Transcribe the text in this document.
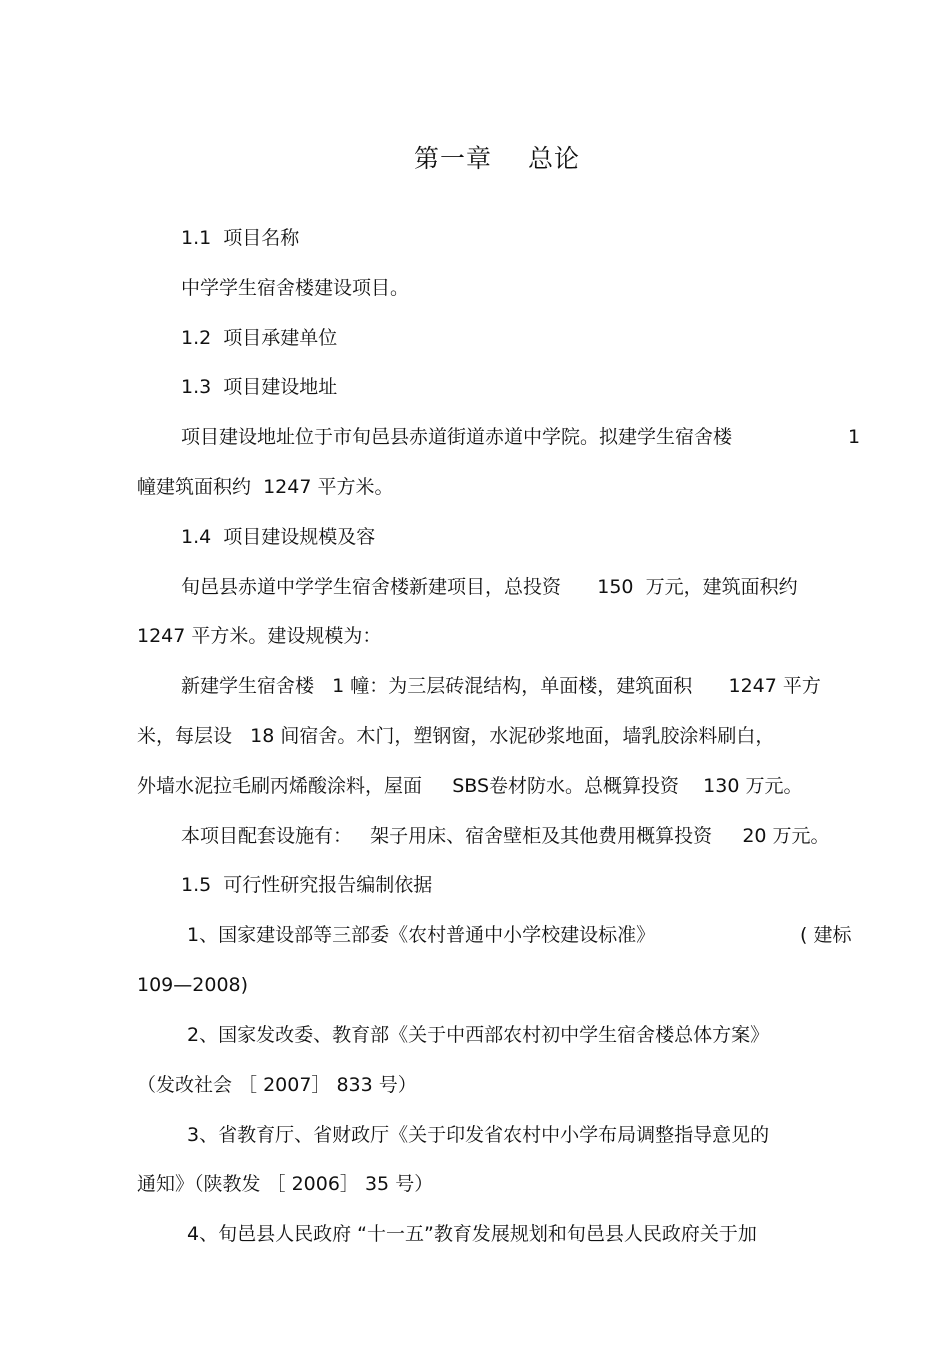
第一章 总论
1.1  项目名称
中学学生宿舍楼建设项目。
1.2  项目承建单位
1.3  项目建设地址
项目建设地址位于市旬邑县赤道街道赤道中学院。拟建学生宿舍楼	1
幢建筑面积约  1247 平方米。
1.4  项目建设规模及容
旬邑县赤道中学学生宿舍楼新建项目，总投资      150  万元，建筑面积约
1247 平方米。建设规模为：
新建学生宿舍楼   1 幢：为三层砖混结构，单面楼，建筑面积      1247 平方
米，每层设   18 间宿舍。木门，塑钢窗，水泥砂浆地面，墙乳胶涂料刷白，
外墙水泥拉毛刷丙烯酸涂料，屋面     SBS卷材防水。总概算投资    130 万元。
本项目配套设施有：   架子用床、宿舍壁柜及其他费用概算投资     20 万元。
1.5  可行性研究报告编制依据
1、国家建设部等三部委《农村普通中小学校建设标准》	( 建标
109—2008)
2、国家发改委、教育部《关于中西部农村初中学生宿舍楼总体方案》
（发改社会 ［ 2007］ 833 号）
3、省教育厅、省财政厅《关于印发省农村中小学布局调整指导意见的
通知》（陕教发 ［ 2006］ 35 号）
4、旬邑县人民政府 “十一五”教育发展规划和旬邑县人民政府关于加
